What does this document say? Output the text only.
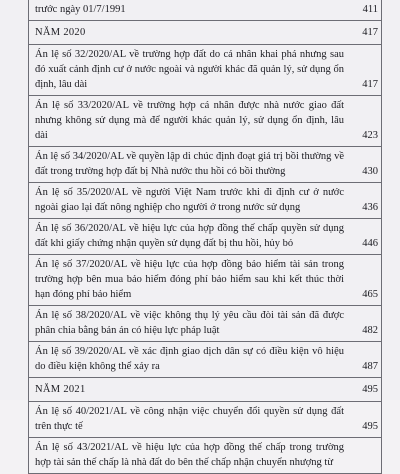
trước ngày 01/7/1991	411
NĂM 2020	417
Án lệ số 32/2020/AL về trường hợp đất do cá nhân khai phá nhưng sau đó xuất cảnh định cư ở nước ngoài và người khác đã quản lý, sử dụng ổn định, lâu dài	417
Án lệ số 33/2020/AL về trường hợp cá nhân được nhà nước giao đất nhưng không sử dụng mà để người khác quản lý, sử dụng ổn định, lâu dài	423
Án lệ số 34/2020/AL về quyền lập di chúc định đoạt giá trị bồi thường về đất trong trường hợp đất bị Nhà nước thu hồi có bồi thường	430
Án lệ số 35/2020/AL về người Việt Nam trước khi đi định cư ở nước ngoài giao lại đất nông nghiệp cho người ở trong nước sử dụng	436
Án lệ số 36/2020/AL về hiệu lực của hợp đồng thế chấp quyền sử dụng đất khi giấy chứng nhận quyền sử dụng đất bị thu hồi, hủy bỏ	446
Án lệ số 37/2020/AL về hiệu lực của hợp đồng bảo hiểm tài sản trong trường hợp bên mua bảo hiểm đóng phí bảo hiểm sau khi kết thúc thời hạn đóng phí bảo hiểm	465
Án lệ số 38/2020/AL về việc không thụ lý yêu cầu đòi tài sản đã được phân chia bằng bản án có hiệu lực pháp luật	482
Án lệ số 39/2020/AL về xác định giao dịch dân sự có điều kiện vô hiệu do điều kiện không thể xảy ra	487
NĂM 2021	495
Án lệ số 40/2021/AL về công nhận việc chuyển đổi quyền sử dụng đất trên thực tế	495
Án lệ số 43/2021/AL về hiệu lực của hợp đồng thế chấp trong trường hợp tài sản thế chấp là nhà đất do bên thế chấp nhận chuyển nhượng từ
